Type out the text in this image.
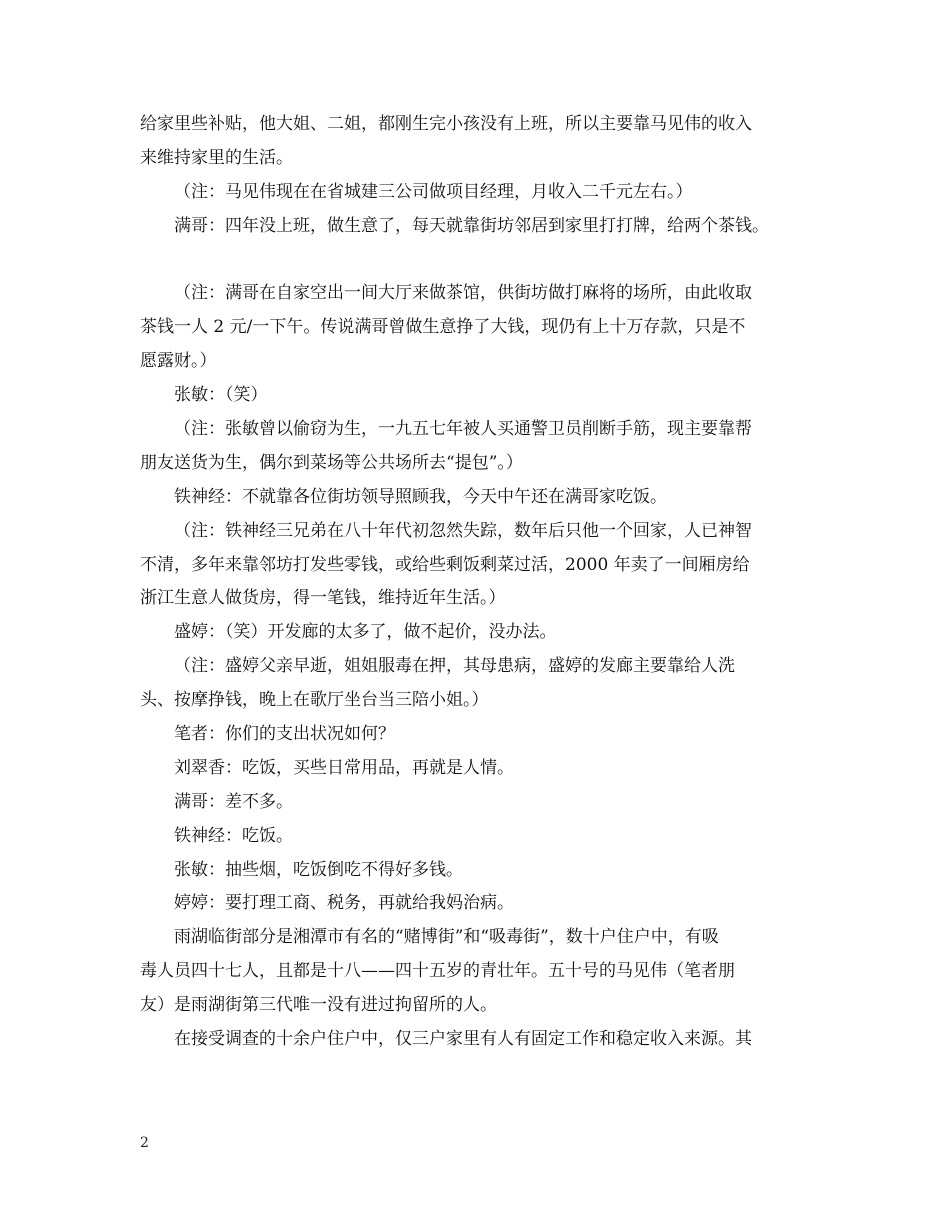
给家里些补贴，他大姐、二姐，都刚生完小孩没有上班，所以主要靠马见伟的收入
来维持家里的生活。
（注：马见伟现在在省城建三公司做项目经理，月收入二千元左右。）
满哥：四年没上班，做生意了，每天就靠街坊邻居到家里打打牌，给两个茶钱。
（注：满哥在自家空出一间大厅来做茶馆，供街坊做打麻将的场所，由此收取
茶钱一人 2 元/一下午。传说满哥曾做生意挣了大钱，现仍有上十万存款，只是不
愿露财。）
张敏：（笑）
（注：张敏曾以偷窃为生，一九五七年被人买通警卫员削断手筋，现主要靠帮
朋友送货为生，偶尔到菜场等公共场所去“提包”。）
铁神经：不就靠各位街坊领导照顾我，今天中午还在满哥家吃饭。
（注：铁神经三兄弟在八十年代初忽然失踪，数年后只他一个回家，人已神智
不清，多年来靠邻坊打发些零钱，或给些剩饭剩菜过活，2000 年卖了一间厢房给
浙江生意人做货房，得一笔钱，维持近年生活。）
盛婷：（笑）开发廊的太多了，做不起价，没办法。
（注：盛婷父亲早逝，姐姐服毒在押，其母患病，盛婷的发廊主要靠给人洗
头、按摩挣钱，晚上在歌厅坐台当三陪小姐。）
笔者：你们的支出状况如何？
刘翠香：吃饭，买些日常用品，再就是人情。
满哥：差不多。
铁神经：吃饭。
张敏：抽些烟，吃饭倒吃不得好多钱。
婷婷：要打理工商、税务，再就给我妈治病。
雨湖临街部分是湘潭市有名的“赌博街”和“吸毒街”，数十户住户中，有吸
毒人员四十七人，且都是十八——四十五岁的青壮年。五十号的马见伟（笔者朋
友）是雨湖街第三代唯一没有进过拘留所的人。
在接受调查的十余户住户中，仅三户家里有人有固定工作和稳定收入来源。其
2
